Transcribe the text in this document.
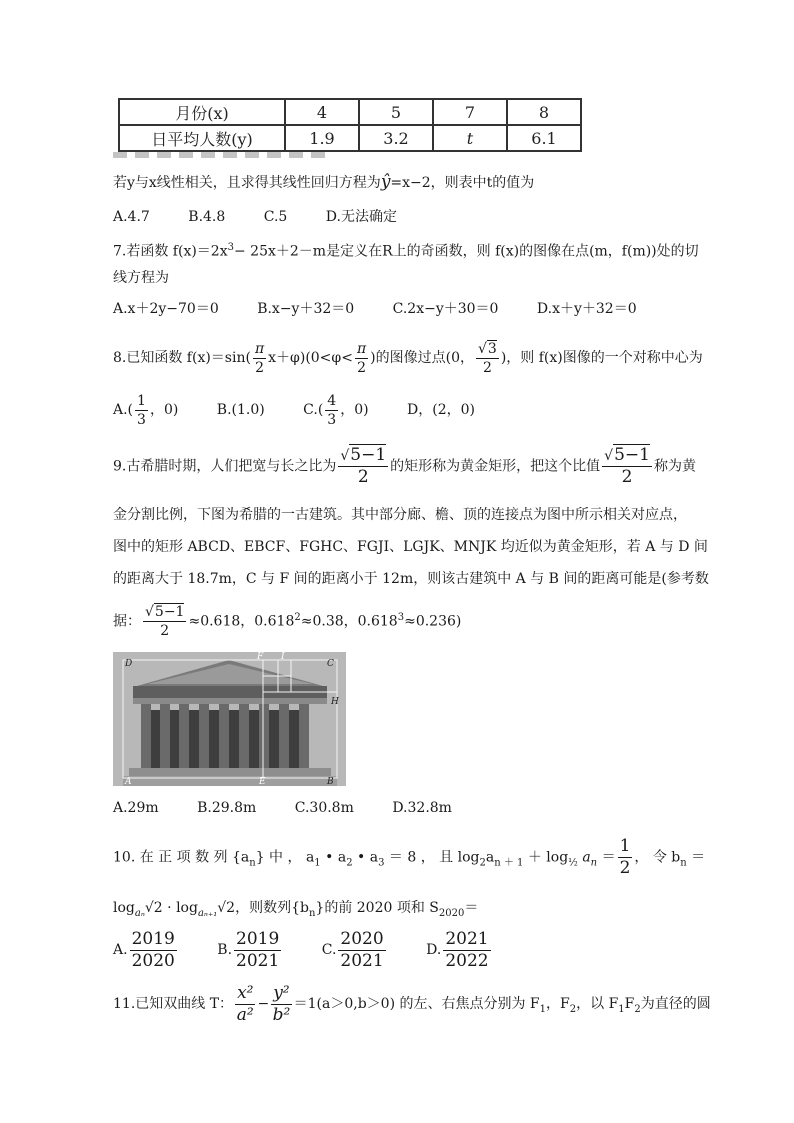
月份(x)	4	5	7	8
日平均人数(y)	1.9	3.2	t	6.1
若y与x线性相关，且求得其线性回归方程为ŷ=x−2，则表中t的值为
A.4.7	B.4.8	C.5	D.无法确定
7.若函数 $f(x)=2x^3- 25x+2-m$是定义在R上的奇函数，则 f(x)的图像在点(m，f(m))处的切
线方程为
A.x＋2y−70＝0	B.x−y＋32＝0	C.2x−y＋30＝0	D.x＋y＋32＝0
8.已知函数 $f(x)=\sin( \frac{\pi}{2} x+\varphi)(0<\varphi< \frac{\pi}{2}$ )的图像过点(0， $\frac{√3}{2}$ )，则 f(x)图像的一个对称中心为
$A.( \frac{1}{3}$ ，0)	B.(1.0)	$C.( \frac{4}{3}$ ，0)	D，(2，0)
9.古希腊时期，人们把宽与长之比为 $\frac{√5-1}{2}$ 的矩形称为黄金矩形，把这个比值 $\frac{√5-1}{2}$ 称为黄
金分割比例，下图为希腊的一古建筑。其中部分廊、檐、顶的连接点为图中所示相关对应点，
图中的矩形 ABCD、EBCF、FGHC、FGJI、LGJK、MNJK 均近似为黄金矩形，若 A 与 D 间
的距离大于 18.7m，C 与 F 间的距离小于 12m，则该古建筑中 A 与 B 间的距离可能是(参考数
据： $\frac{√5-1}{2} \approx 0.618$，$0.618^2\approx 0.38$，$0.618^3\approx 0.236$)
D
F I
C
H
A	E	B
A.29m	B.29.8m	C.30.8m	D.32.8m
10. 在 正 项 数 列 $\{a_n\}$ 中 ， $a_1$ • $a_2$ • $a_3 = 8$ ， 且 $\log_2a_{n + 1} + \log_{\frac{1}{2}} a_n = \frac{1}{2}$ ， 令 $b_n$ ＝
$\log_{a_n}√2 \cdot \log_{a_{n+1}}√2$，则数列$\{b_n\}$的前 2020 项和 $S_{2020}=$
A. $\frac{2019}{2020}$	B. $\frac{2019}{2021}$	C. $\frac{2020}{2021}$	D. $\frac{2021}{2022}$
11.已知双曲线 T： $\frac{\text{x²}}{\text{a²}} - \frac{\text{y²}}{\text{b²}} =1(a>0,b>0)$ 的左、右焦点分别为 $F_1$，$F_2$，以 $F_1F_2$为直径的圆
